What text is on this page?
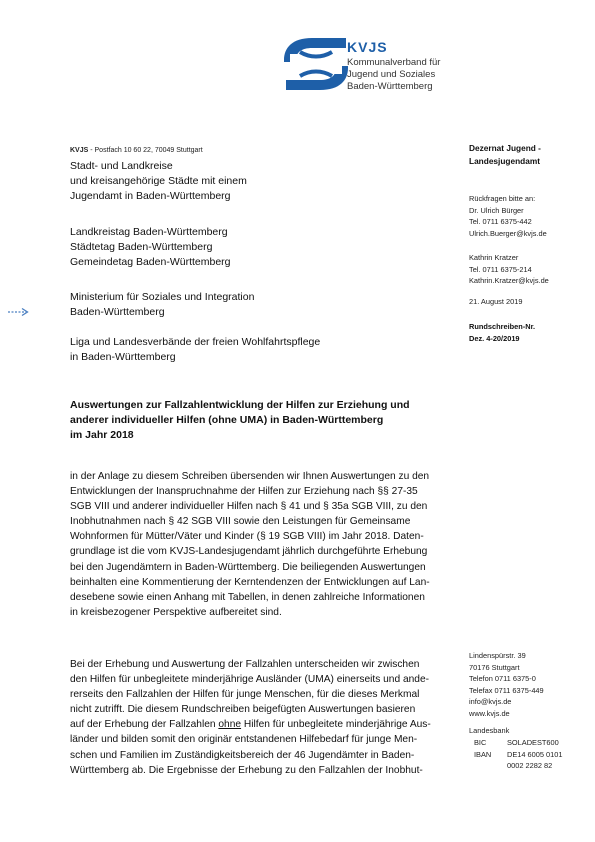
KVJS
Kommunalverband für
Jugend und Soziales
Baden-Württemberg
KVJS - Postfach 10 60 22, 70049 Stuttgart
Stadt- und Landkreise
und kreisangehörige Städte mit einem
Jugendamt in Baden-Württemberg
Landkreistag Baden-Württemberg
Städtetag Baden-Württemberg
Gemeindetag Baden-Württemberg
Ministerium für Soziales und Integration
Baden-Württemberg
Liga und Landesverbände der freien Wohlfahrtspflege
in Baden-Württemberg
Dezernat Jugend -
Landesjugendamt
Rückfragen bitte an:
Dr. Ulrich Bürger
Tel. 0711 6375-442
Ulrich.Buerger@kvjs.de
Kathrin Kratzer
Tel. 0711 6375-214
Kathrin.Kratzer@kvjs.de
21. August 2019
Rundschreiben-Nr.
Dez. 4-20/2019
Lindenspürstr. 39
70176 Stuttgart
Telefon 0711 6375-0
Telefax 0711 6375-449
info@kvjs.de
www.kvjs.de
Landesbank
BIC	SOLADEST600
IBAN	DE14 6005 0101
0002 2282 82
Auswertungen zur Fallzahlentwicklung der Hilfen zur Erziehung und
anderer individueller Hilfen (ohne UMA) in Baden-Württemberg
im Jahr 2018
in der Anlage zu diesem Schreiben übersenden wir Ihnen Auswertungen zu den
Entwicklungen der Inanspruchnahme der Hilfen zur Erziehung nach §§ 27-35
SGB VIII und anderer individueller Hilfen nach § 41 und § 35a SGB VIII, zu den
Inobhutnahmen nach § 42 SGB VIII sowie den Leistungen für Gemeinsame
Wohnformen für Mütter/Väter und Kinder (§ 19 SGB VIII) im Jahr 2018. Daten-
grundlage ist die vom KVJS-Landesjugendamt jährlich durchgeführte Erhebung
bei den Jugendämtern in Baden-Württemberg. Die beiliegenden Auswertungen
beinhalten eine Kommentierung der Kerntendenzen der Entwicklungen auf Lan-
desebene sowie einen Anhang mit Tabellen, in denen zahlreiche Informationen
in kreisbezogener Perspektive aufbereitet sind.
Bei der Erhebung und Auswertung der Fallzahlen unterscheiden wir zwischen
den Hilfen für unbegleitete minderjährige Ausländer (UMA) einerseits und ande-
rerseits den Fallzahlen der Hilfen für junge Menschen, für die dieses Merkmal
nicht zutrifft. Die diesem Rundschreiben beigefügten Auswertungen basieren
auf der Erhebung der Fallzahlen ohne Hilfen für unbegleitete minderjährige Aus-
länder und bilden somit den originär entstandenen Hilfebedarf für junge Men-
schen und Familien im Zuständigkeitsbereich der 46 Jugendämter in Baden-
Württemberg ab. Die Ergebnisse der Erhebung zu den Fallzahlen der Inobhut-
